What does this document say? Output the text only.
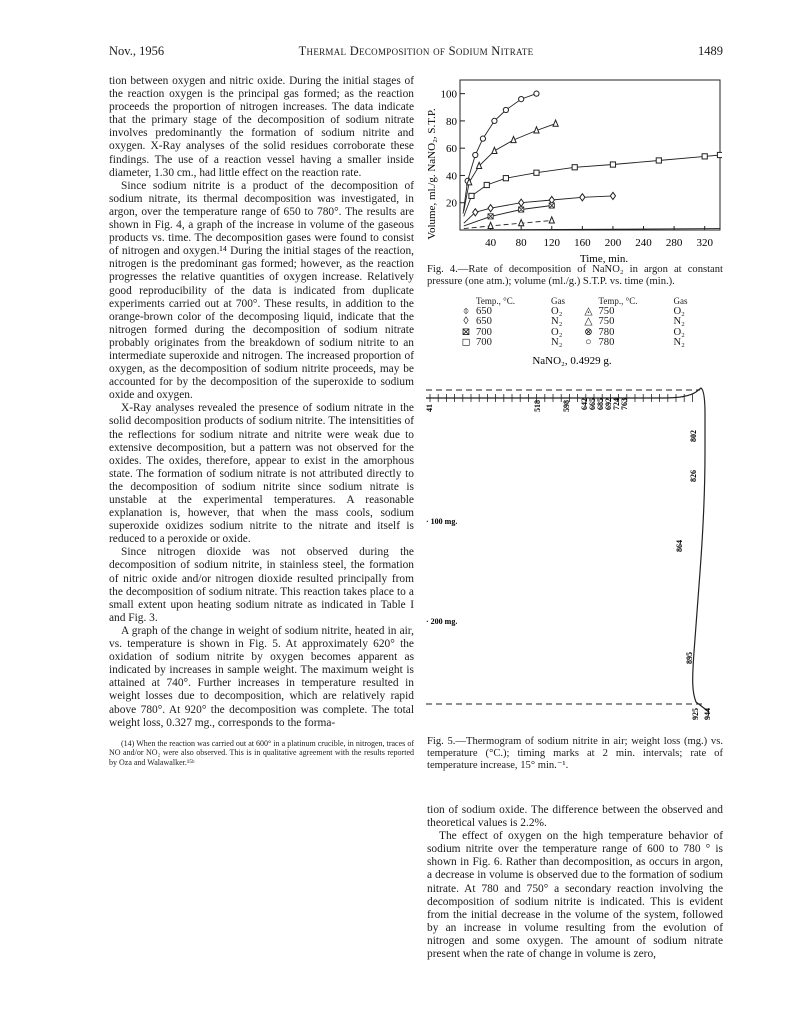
Nov., 1956	Thermal Decomposition of Sodium Nitrate	1489

tion between oxygen and nitric oxide. During the initial stages of the reaction oxygen is the principal gas formed; as the reaction proceeds the proportion of nitrogen increases. The data indicate that the primary stage of the decomposition of sodium nitrate involves predominantly the formation of sodium nitrite and oxygen. X-Ray analyses of the solid residues corroborate these findings. The use of a reaction vessel having a smaller inside diameter, 1.30 cm., had little effect on the reaction rate.

Since sodium nitrite is a product of the decomposition of sodium nitrate, its thermal decomposition was investigated, in argon, over the temperature range of 650 to 780°. The results are shown in Fig. 4, a graph of the increase in volume of the gaseous products vs. time. The decomposition gases were found to consist of nitrogen and oxygen.¹⁴ During the initial stages of the reaction, nitrogen is the predominant gas formed; however, as the reaction progresses the relative quantities of oxygen increase. Relatively good reproducibility of the data is indicated from duplicate experiments carried out at 700°. These results, in addition to the orange-brown color of the decomposing liquid, indicate that the nitrogen formed during the decomposition of sodium nitrate probably originates from the breakdown of sodium nitrite to an intermediate superoxide and nitrogen. The increased proportion of oxygen, as the decomposition of sodium nitrite proceeds, may be accounted for by the decomposition of the superoxide to sodium oxide and oxygen.

X-Ray analyses revealed the presence of sodium nitrate in the solid decomposition products of sodium nitrite. The intensitities of the reflections for sodium nitrate and nitrite were weak due to extensive decomposition, but a pattern was not observed for the oxides. The oxides, therefore, appear to exist in the amorphous state. The formation of sodium nitrate is not attributed directly to the decomposition of sodium nitrite since sodium nitrate is unstable at the experimental temperatures. A reasonable explanation is, however, that when the mass cools, sodium superoxide oxidizes sodium nitrite to the nitrate and itself is reduced to a peroxide or oxide.

Since nitrogen dioxide was not observed during the decomposition of sodium nitrite, in stainless steel, the formation of nitric oxide and/or nitrogen dioxide resulted principally from the decomposition of sodium nitrate. This reaction takes place to a small extent upon heating sodium nitrate as indicated in Table I and Fig. 3.

A graph of the change in weight of sodium nitrite, heated in air, vs. temperature is shown in Fig. 5. At approximately 620° the oxidation of sodium nitrite by oxygen becomes apparent as indicated by increases in sample weight. The maximum weight is attained at 740°. Further increases in temperature resulted in weight losses due to decomposition, which are relatively rapid above 780°. At 920° the decomposition was complete. The total weight loss, 0.327 mg., corresponds to the forma-

(14) When the reaction was carried out at 600° in a platinum crucible, in nitrogen, traces of NO and/or NO₂ were also observed. This is in qualitative agreement with the results reported by Oza and Walawalker.¹⁵ᵇ

20
40
60
80
100
40 80 120 160 200 240 280 320
Volume, ml./g. NaNO₂, S.T.P.
Time, min.
Fig. 4.—Rate of decomposition of NaNO₂ in argon at constant pressure (one atm.); volume (ml./g.) S.T.P. vs. time (min.).
	Temp., °C.	Gas		Temp., °C.	Gas
⌽	650	O₂	◬	750	O₂
◊	650	N₂	△	750	N₂
⊠	700	O₂	⊗	780	O₂
◻	700	N₂	○	780	N₂
NaNO₂, 0.4929 g.
· 100 mg.
· 200 mg.
41	518	598 642 665 685 692 724 763
802
826
864
895
925 944
Fig. 5.—Thermogram of sodium nitrite in air; weight loss (mg.) vs. temperature (°C.); timing marks at 2 min. intervals; rate of temperature increase, 15° min.⁻¹.

tion of sodium oxide. The difference between the observed and theoretical values is 2.2%.

The effect of oxygen on the high temperature behavior of sodium nitrite over the temperature range of 600 to 780 ° is shown in Fig. 6. Rather than decomposition, as occurs in argon, a decrease in volume is observed due to the formation of sodium nitrate. At 780 and 750° a secondary reaction involving the decomposition of sodium nitrite is indicated. This is evident from the initial decrease in the volume of the system, followed by an increase in volume resulting from the evolution of nitrogen and some oxygen. The amount of sodium nitrate present when the rate of change in volume is zero,
